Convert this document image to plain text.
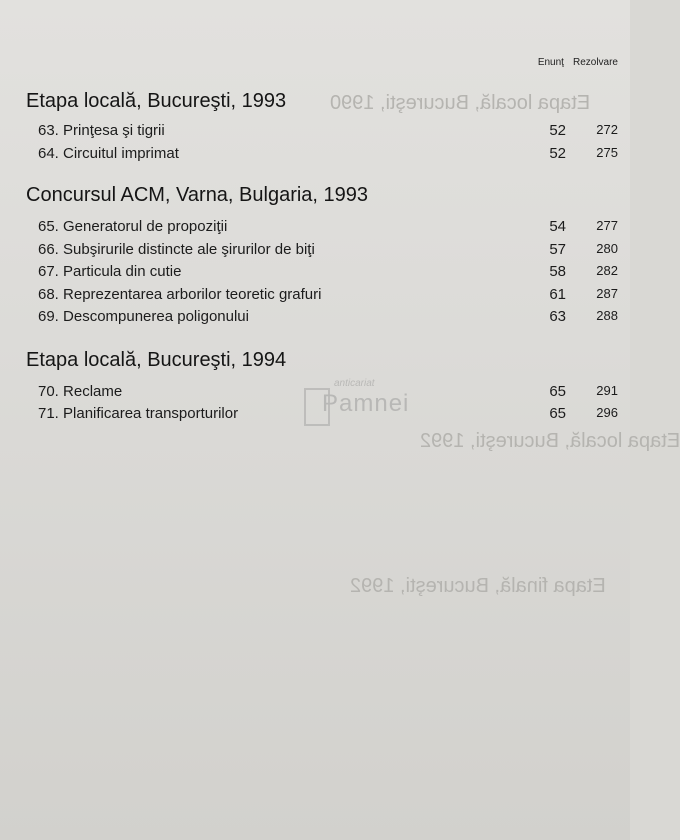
Etapa locală, Bucureşti, 1990
Etapa locală, Bucureşti, 1992
Etapa finală, Bucureşti, 1992
Enunţ Rezolvare
Etapa locală, Bucureşti, 1993
63. Prinţesa şi tigrii	52	272
64. Circuitul imprimat	52	275
Concursul ACM, Varna, Bulgaria, 1993
65. Generatorul de propoziţii	54	277
66. Subşirurile distincte ale şirurilor de biţi	57	280
67. Particula din cutie	58	282
68. Reprezentarea arborilor teoretic grafuri	61	287
69. Descompunerea poligonului	63	288
Etapa locală, Bucureşti, 1994
70. Reclame	65	291
71. Planificarea transporturilor	65	296
anticariat
Pamnei
